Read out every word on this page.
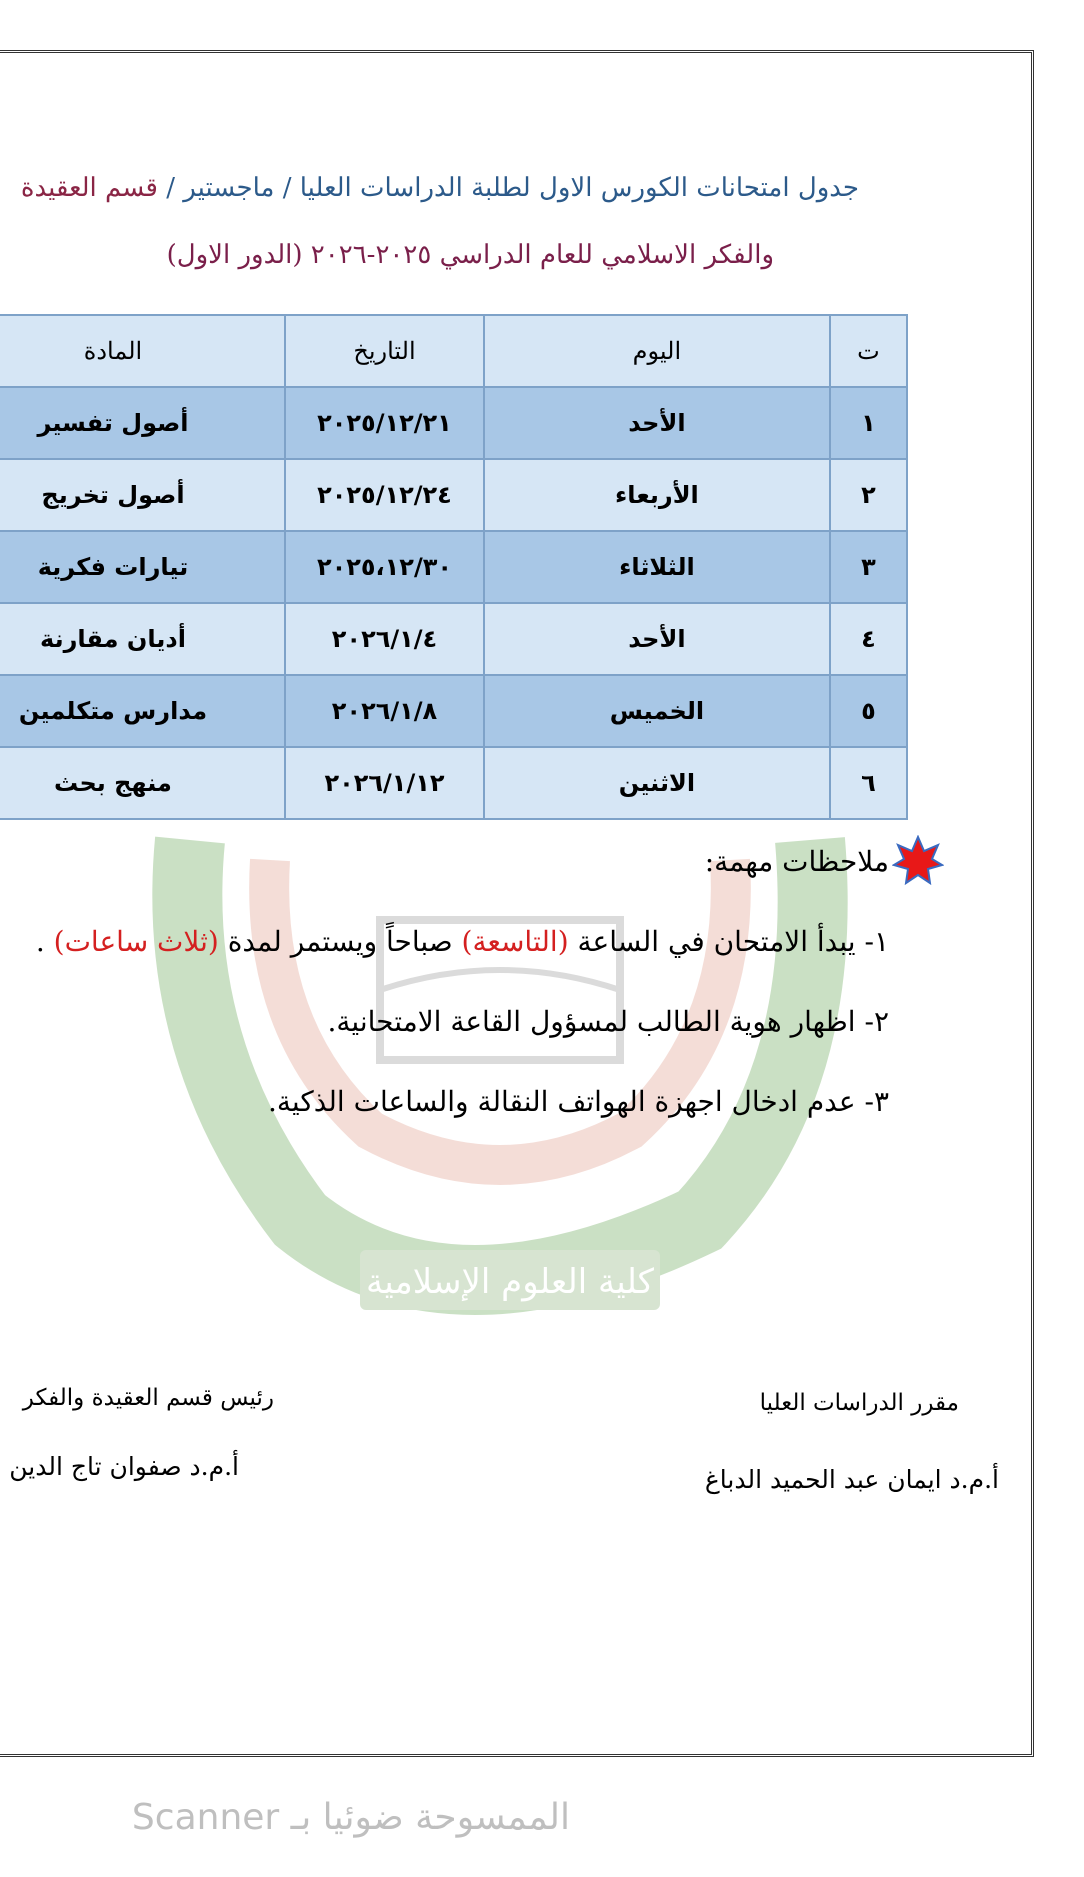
كلية العلوم الإسلامية
جدول امتحانات الكورس الاول لطلبة الدراسات العليا / ماجستير / قسم العقيدة
والفكر الاسلامي للعام الدراسي ٢٠٢٥-٢٠٢٦ (الدور الاول)
ت	اليوم	التاريخ	المادة
١	الأحد	٢٠٢٥/١٢/٢١	أصول تفسير
٢	الأربعاء	٢٠٢٥/١٢/٢٤	أصول تخريج
٣	الثلاثاء	٢٠٢٥،١٢/٣٠	تيارات فكرية
٤	الأحد	٢٠٢٦/١/٤	أديان مقارنة
٥	الخميس	٢٠٢٦/١/٨	مدارس متكلمين
٦	الاثنين	٢٠٢٦/١/١٢	منهج بحث
ملاحظات مهمة:
١- يبدأ الامتحان في الساعة (التاسعة) صباحاً ويستمر لمدة (ثلاث ساعات) .
٢- اظهار هوية الطالب لمسؤول القاعة الامتحانية.
٣- عدم ادخال اجهزة الهواتف النقالة والساعات الذكية.
مقرر الدراسات العليا
أ.م.د ايمان عبد الحميد الدباغ
رئيس قسم العقيدة والفكر
أ.م.د صفوان تاج الدين
الممسوحة ضوئيا بـ Scanner
